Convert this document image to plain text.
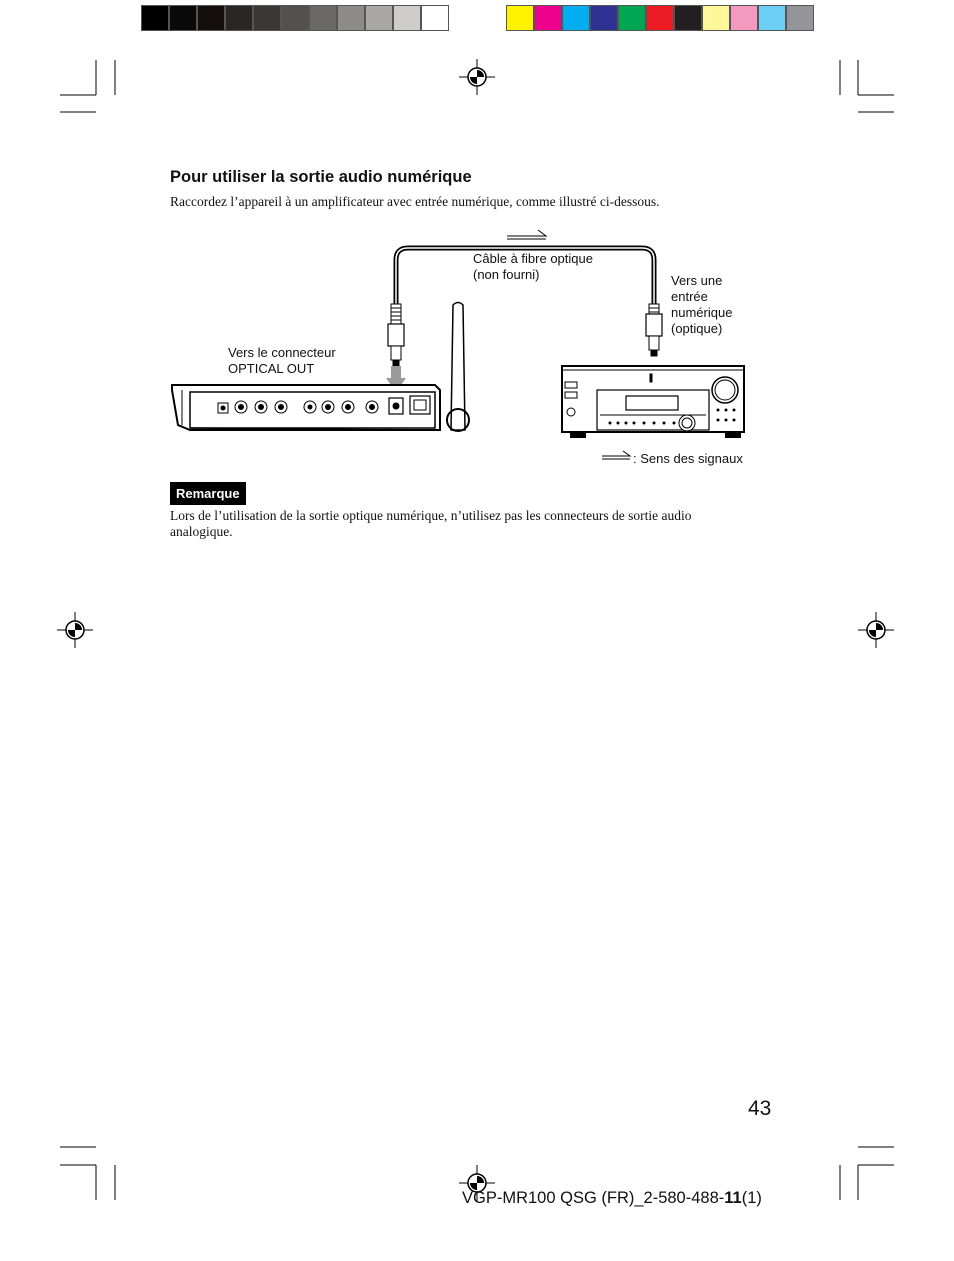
Pour utiliser la sortie audio numérique
Raccordez l’appareil à un amplificateur avec entrée numérique, comme illustré ci-dessous.
Câble à fibre optique
(non fourni)	Vers une
entrée
numérique
(optique)
Vers le connecteur
OPTICAL OUT
: Sens des signaux
Remarque
Lors de l’utilisation de la sortie optique numérique, n’utilisez pas les connecteurs de sortie audio analogique.
43
VGP-MR100 QSG (FR)_2-580-488-11(1)
